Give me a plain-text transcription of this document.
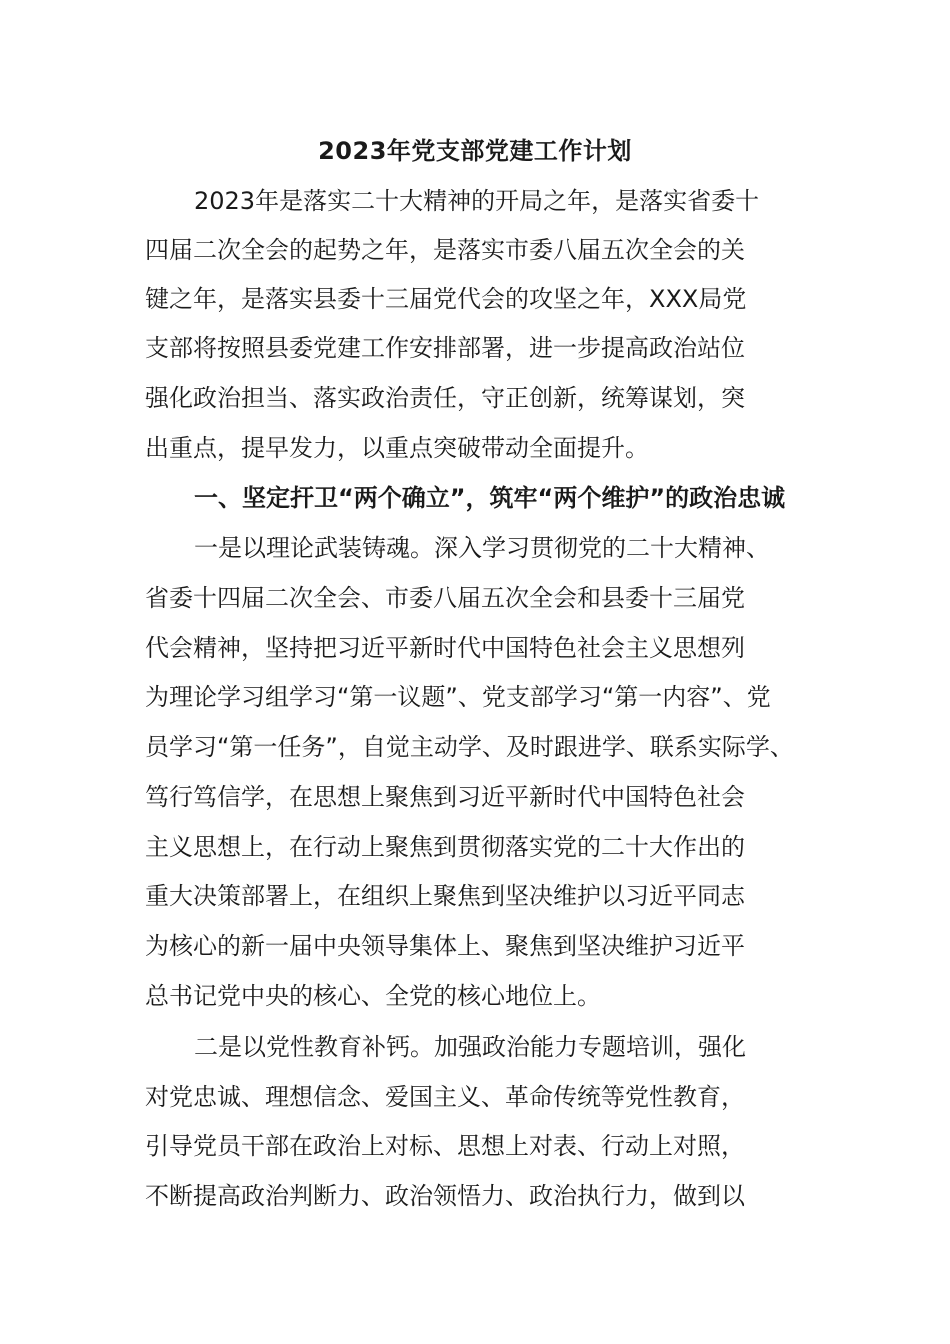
2023年党支部党建工作计划
2023年是落实二十大精神的开局之年，是落实省委十
四届二次全会的起势之年，是落实市委八届五次全会的关
键之年，是落实县委十三届党代会的攻坚之年，XXX局党
支部将按照县委党建工作安排部署，进一步提高政治站位
强化政治担当、落实政治责任，守正创新，统筹谋划，突
出重点，提早发力，以重点突破带动全面提升。
一、坚定扞卫“两个确立”，筑牢“两个维护”的政治忠诚
一是以理论武装铸魂。深入学习贯彻党的二十大精神、
省委十四届二次全会、市委八届五次全会和县委十三届党
代会精神，坚持把习近平新时代中国特色社会主义思想列
为理论学习组学习“第一议题”、党支部学习“第一内容”、党
员学习“第一任务”，自觉主动学、及时跟进学、联系实际学、
笃行笃信学，在思想上聚焦到习近平新时代中国特色社会
主义思想上，在行动上聚焦到贯彻落实党的二十大作出的
重大决策部署上，在组织上聚焦到坚决维护以习近平同志
为核心的新一届中央领导集体上、聚焦到坚决维护习近平
总书记党中央的核心、全党的核心地位上。
二是以党性教育补钙。加强政治能力专题培训，强化
对党忠诚、理想信念、爱国主义、革命传统等党性教育，
引导党员干部在政治上对标、思想上对表、行动上对照，
不断提高政治判断力、政治领悟力、政治执行力，做到以
